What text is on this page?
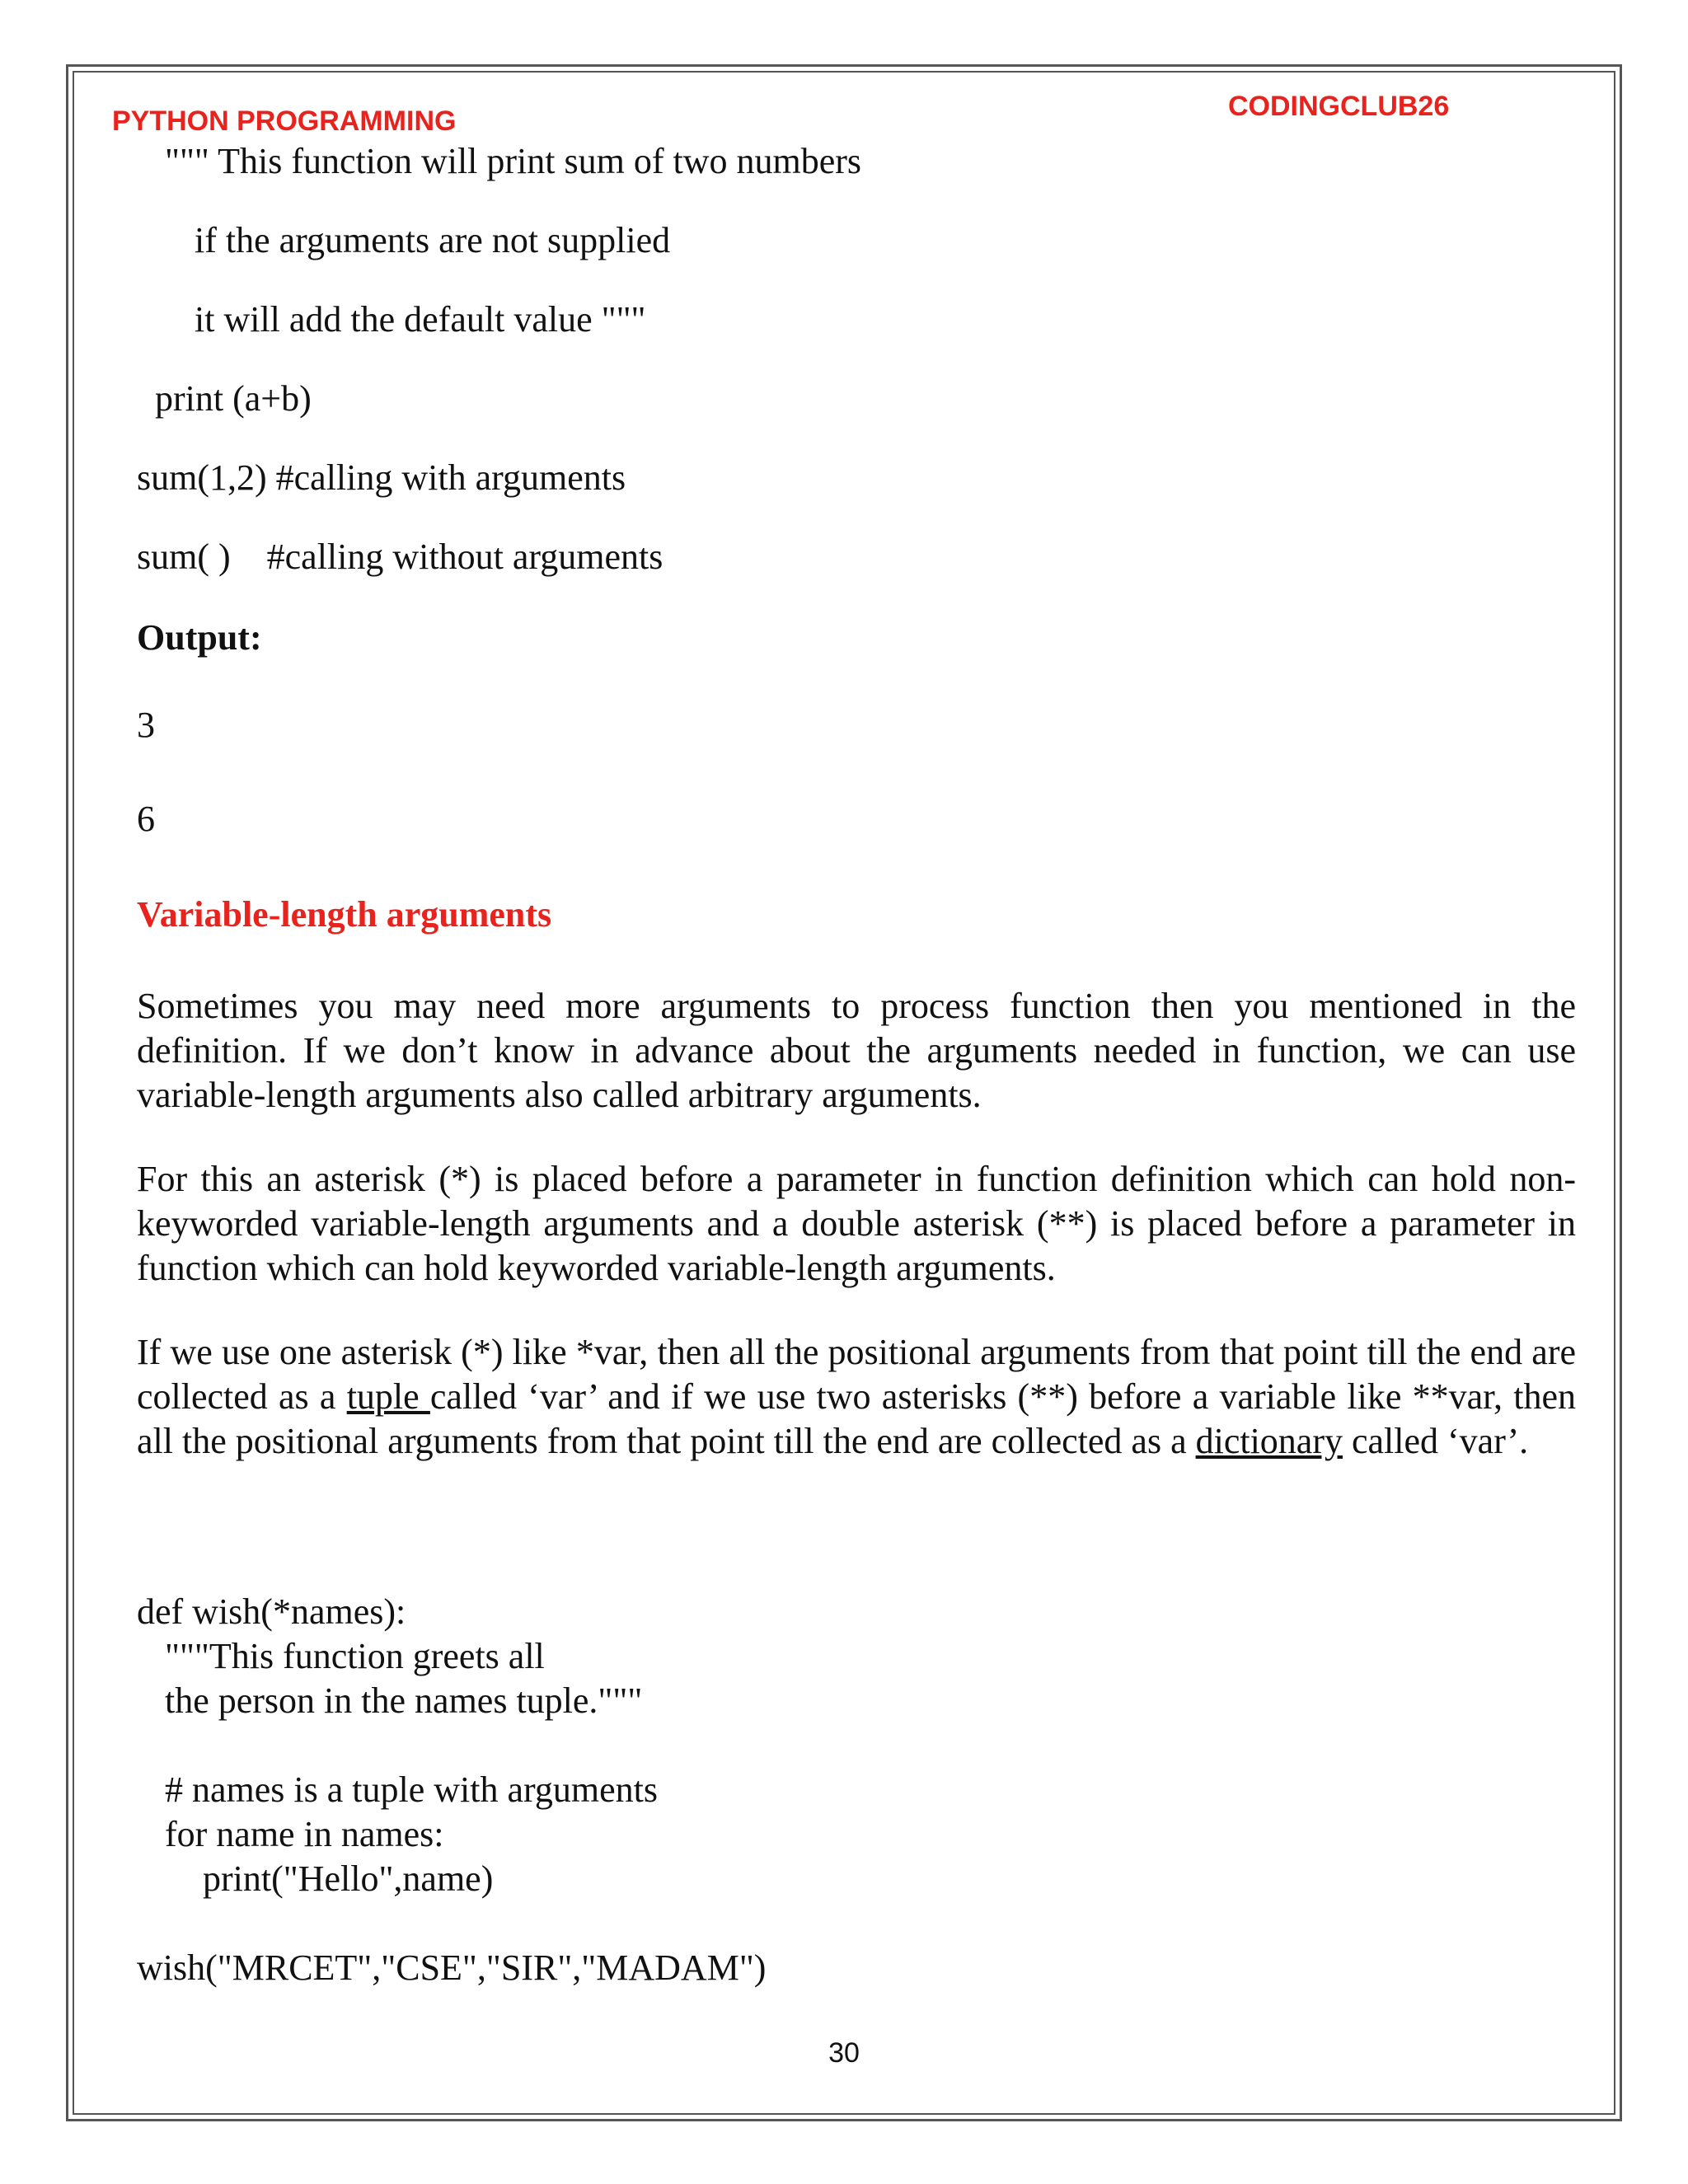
PYTHON PROGRAMMING	CODINGCLUB26
""" This function will print sum of two numbers
if the arguments are not supplied
it will add the default value """
print (a+b)
sum(1,2) #calling with arguments
sum( )    #calling without arguments
Output:
3
6
Variable-length arguments
Sometimes you may need more arguments to process function then you mentioned in the definition. If we don’t know in advance about the arguments needed in function, we can use variable-length arguments also called arbitrary arguments.
For this an asterisk (*) is placed before a parameter in function definition which can hold non-keyworded variable-length arguments and a double asterisk (**) is placed before a parameter in function which can hold keyworded variable-length arguments.
If we use one asterisk (*) like *var, then all the positional arguments from that point till the end are collected as a tuple called ‘var’ and if we use two asterisks (**) before a variable like **var, then all the positional arguments from that point till the end are collected as a dictionary called ‘var’.
def wish(*names):
"""This function greets all
the person in the names tuple."""
# names is a tuple with arguments
for name in names:
print("Hello",name)
wish("MRCET","CSE","SIR","MADAM")
30
